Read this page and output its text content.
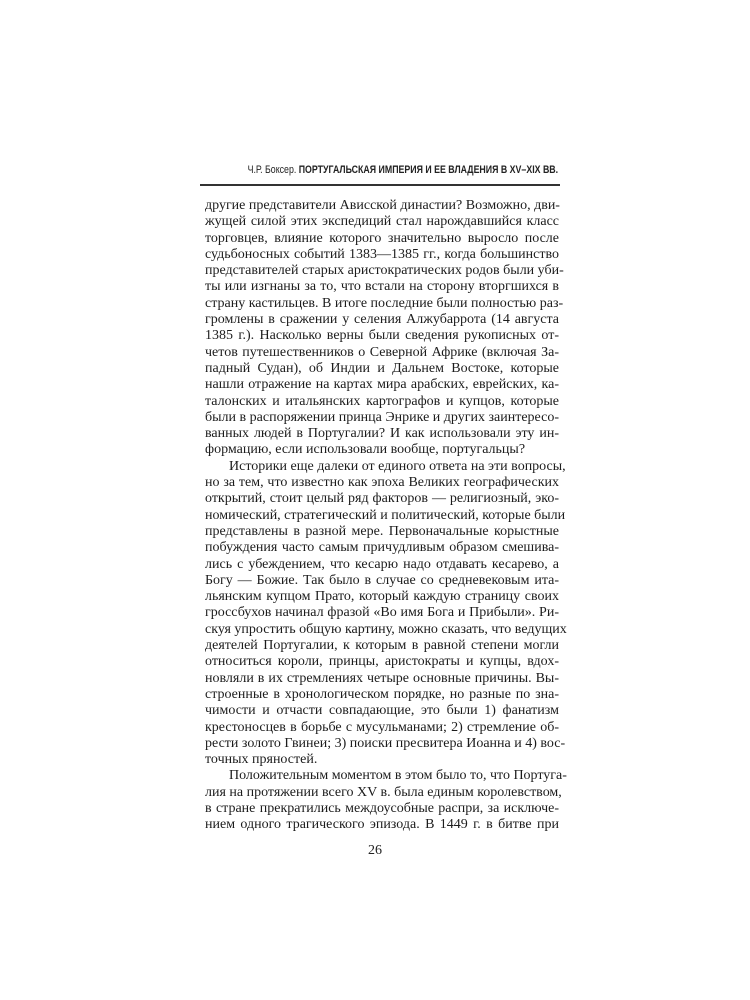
Ч.Р. Боксер. ПОРТУГАЛЬСКАЯ ИМПЕРИЯ И ЕЕ ВЛАДЕНИЯ В XV–XIX ВВ.
другие представители Ависской династии? Возможно, дви-
жущей силой этих экспедиций стал нарождавшийся класс
торговцев, влияние которого значительно выросло после
судьбоносных событий 1383—1385 гг., когда большинство
представителей старых аристократических родов были уби-
ты или изгнаны за то, что встали на сторону вторгшихся в
страну кастильцев. В итоге последние были полностью раз-
громлены в сражении у селения Алжубаррота (14 августа
1385 г.). Насколько верны были сведения рукописных от-
четов путешественников о Северной Африке (включая За-
падный Судан), об Индии и Дальнем Востоке, которые
нашли отражение на картах мира арабских, еврейских, ка-
талонских и итальянских картографов и купцов, которые
были в распоряжении принца Энрике и других заинтересо-
ванных людей в Португалии? И как использовали эту ин-
формацию, если использовали вообще, португальцы?
Историки еще далеки от единого ответа на эти вопросы,
но за тем, что известно как эпоха Великих географических
открытий, стоит целый ряд факторов — религиозный, эко-
номический, стратегический и политический, которые были
представлены в разной мере. Первоначальные корыстные
побуждения часто самым причудливым образом смешива-
лись с убеждением, что кесарю надо отдавать кесарево, а
Богу — Божие. Так было в случае со средневековым ита-
льянским купцом Прато, который каждую страницу своих
гроссбухов начинал фразой «Во имя Бога и Прибыли». Ри-
скуя упростить общую картину, можно сказать, что ведущих
деятелей Португалии, к которым в равной степени могли
относиться короли, принцы, аристократы и купцы, вдох-
новляли в их стремлениях четыре основные причины. Вы-
строенные в хронологическом порядке, но разные по зна-
чимости и отчасти совпадающие, это были 1) фанатизм
крестоносцев в борьбе с мусульманами; 2) стремление об-
рести золото Гвинеи; 3) поиски пресвитера Иоанна и 4) вос-
точных пряностей.
Положительным моментом в этом было то, что Португа-
лия на протяжении всего XV в. была единым королевством,
в стране прекратились междоусобные распри, за исключе-
нием одного трагического эпизода. В 1449 г. в битве при
26
